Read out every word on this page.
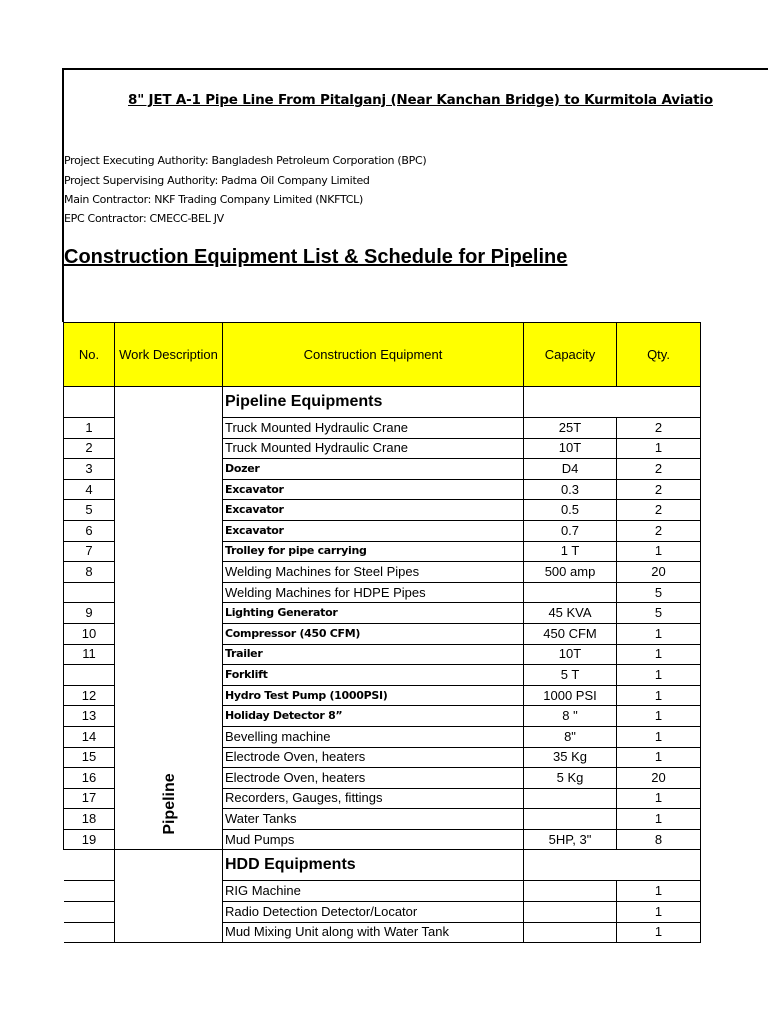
8" JET A-1 Pipe Line From Pitalganj (Near Kanchan Bridge) to Kurmitola Aviatio
Project Executing Authority: Bangladesh Petroleum Corporation (BPC)
Project Supervising Authority: Padma Oil Company Limited
Main Contractor: NKF Trading Company Limited (NKFTCL)
EPC Contractor: CMECC-BEL JV
Construction Equipment List & Schedule for Pipeline
No.	Work Description	Construction Equipment	Capacity	Qty.
		Pipeline Equipments		
1		Truck Mounted Hydraulic Crane	25T	2
2		Truck Mounted Hydraulic Crane	10T	1
3		Dozer	D4	2
4		Excavator	0.3	2
5		Excavator	0.5	2
6		Excavator	0.7	2
7		Trolley for pipe carrying	1 T	1
8		Welding Machines for Steel Pipes	500 amp	20
		Welding Machines for HDPE Pipes		5
9		Lighting Generator	45 KVA	5
10		Compressor (450 CFM)	450 CFM	1
11		Trailer	10T	1
		Forklift	5 T	1
12		Hydro Test Pump (1000PSI)	1000 PSI	1
13		Holiday Detector 8”	8 "	1
14		Bevelling machine	8"	1
15		Electrode Oven, heaters	35 Kg	1
16		Electrode Oven, heaters	5 Kg	20
17		Recorders, Gauges, fittings		1
18		Water Tanks		1
19		Mud Pumps	5HP, 3"	8
		HDD Equipments		
		RIG Machine		1
		Radio Detection Detector/Locator		1
		Mud Mixing Unit along with Water Tank		1
Pipeline
